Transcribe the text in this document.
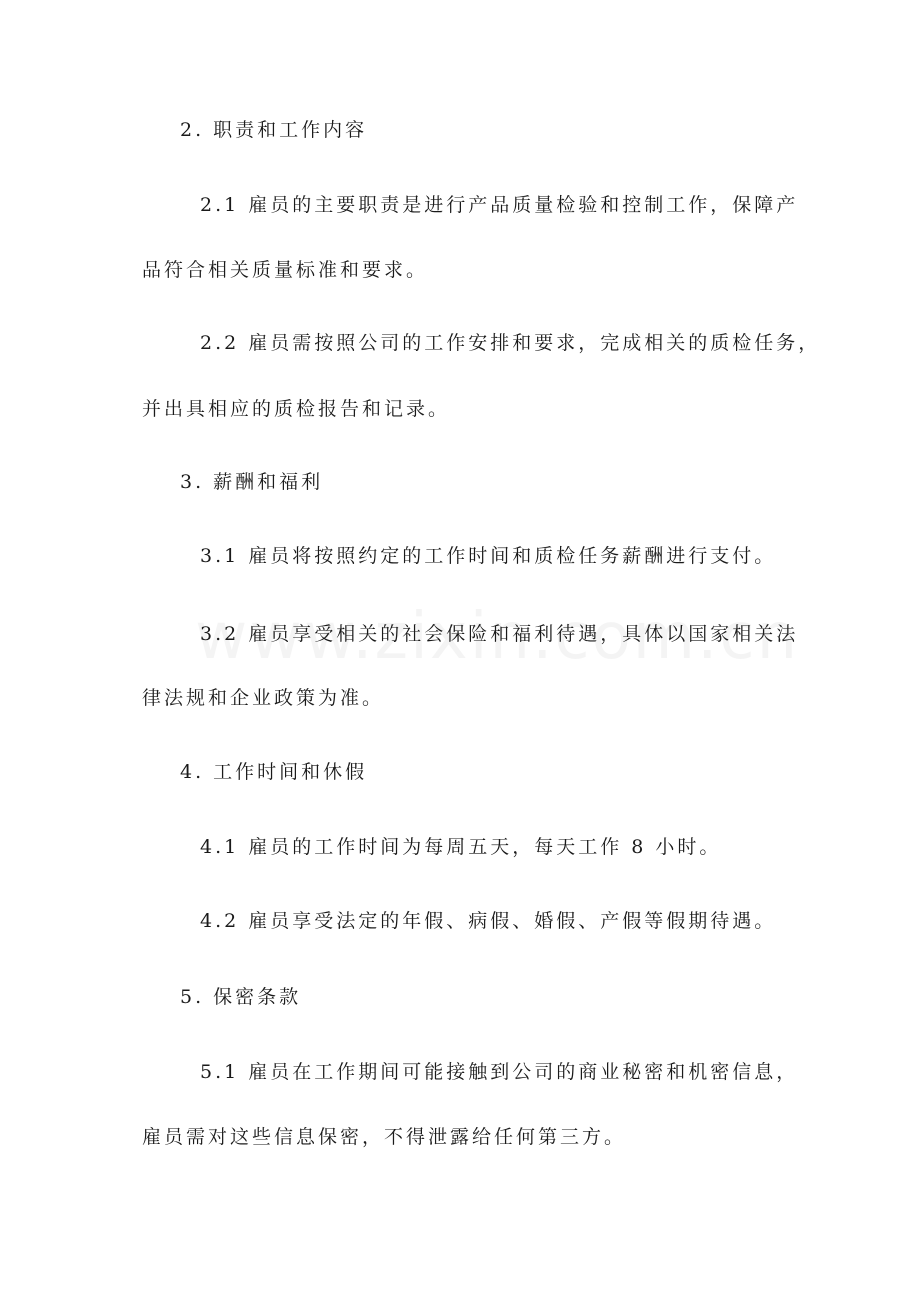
2. 职责和工作内容
2.1 雇员的主要职责是进行产品质量检验和控制工作，保障产
品符合相关质量标准和要求。
2.2 雇员需按照公司的工作安排和要求，完成相关的质检任务，
并出具相应的质检报告和记录。
3. 薪酬和福利
3.1 雇员将按照约定的工作时间和质检任务薪酬进行支付。
3.2 雇员享受相关的社会保险和福利待遇，具体以国家相关法
律法规和企业政策为准。
4. 工作时间和休假
4.1 雇员的工作时间为每周五天，每天工作 8 小时。
4.2 雇员享受法定的年假、病假、婚假、产假等假期待遇。
5. 保密条款
5.1 雇员在工作期间可能接触到公司的商业秘密和机密信息，
雇员需对这些信息保密，不得泄露给任何第三方。
